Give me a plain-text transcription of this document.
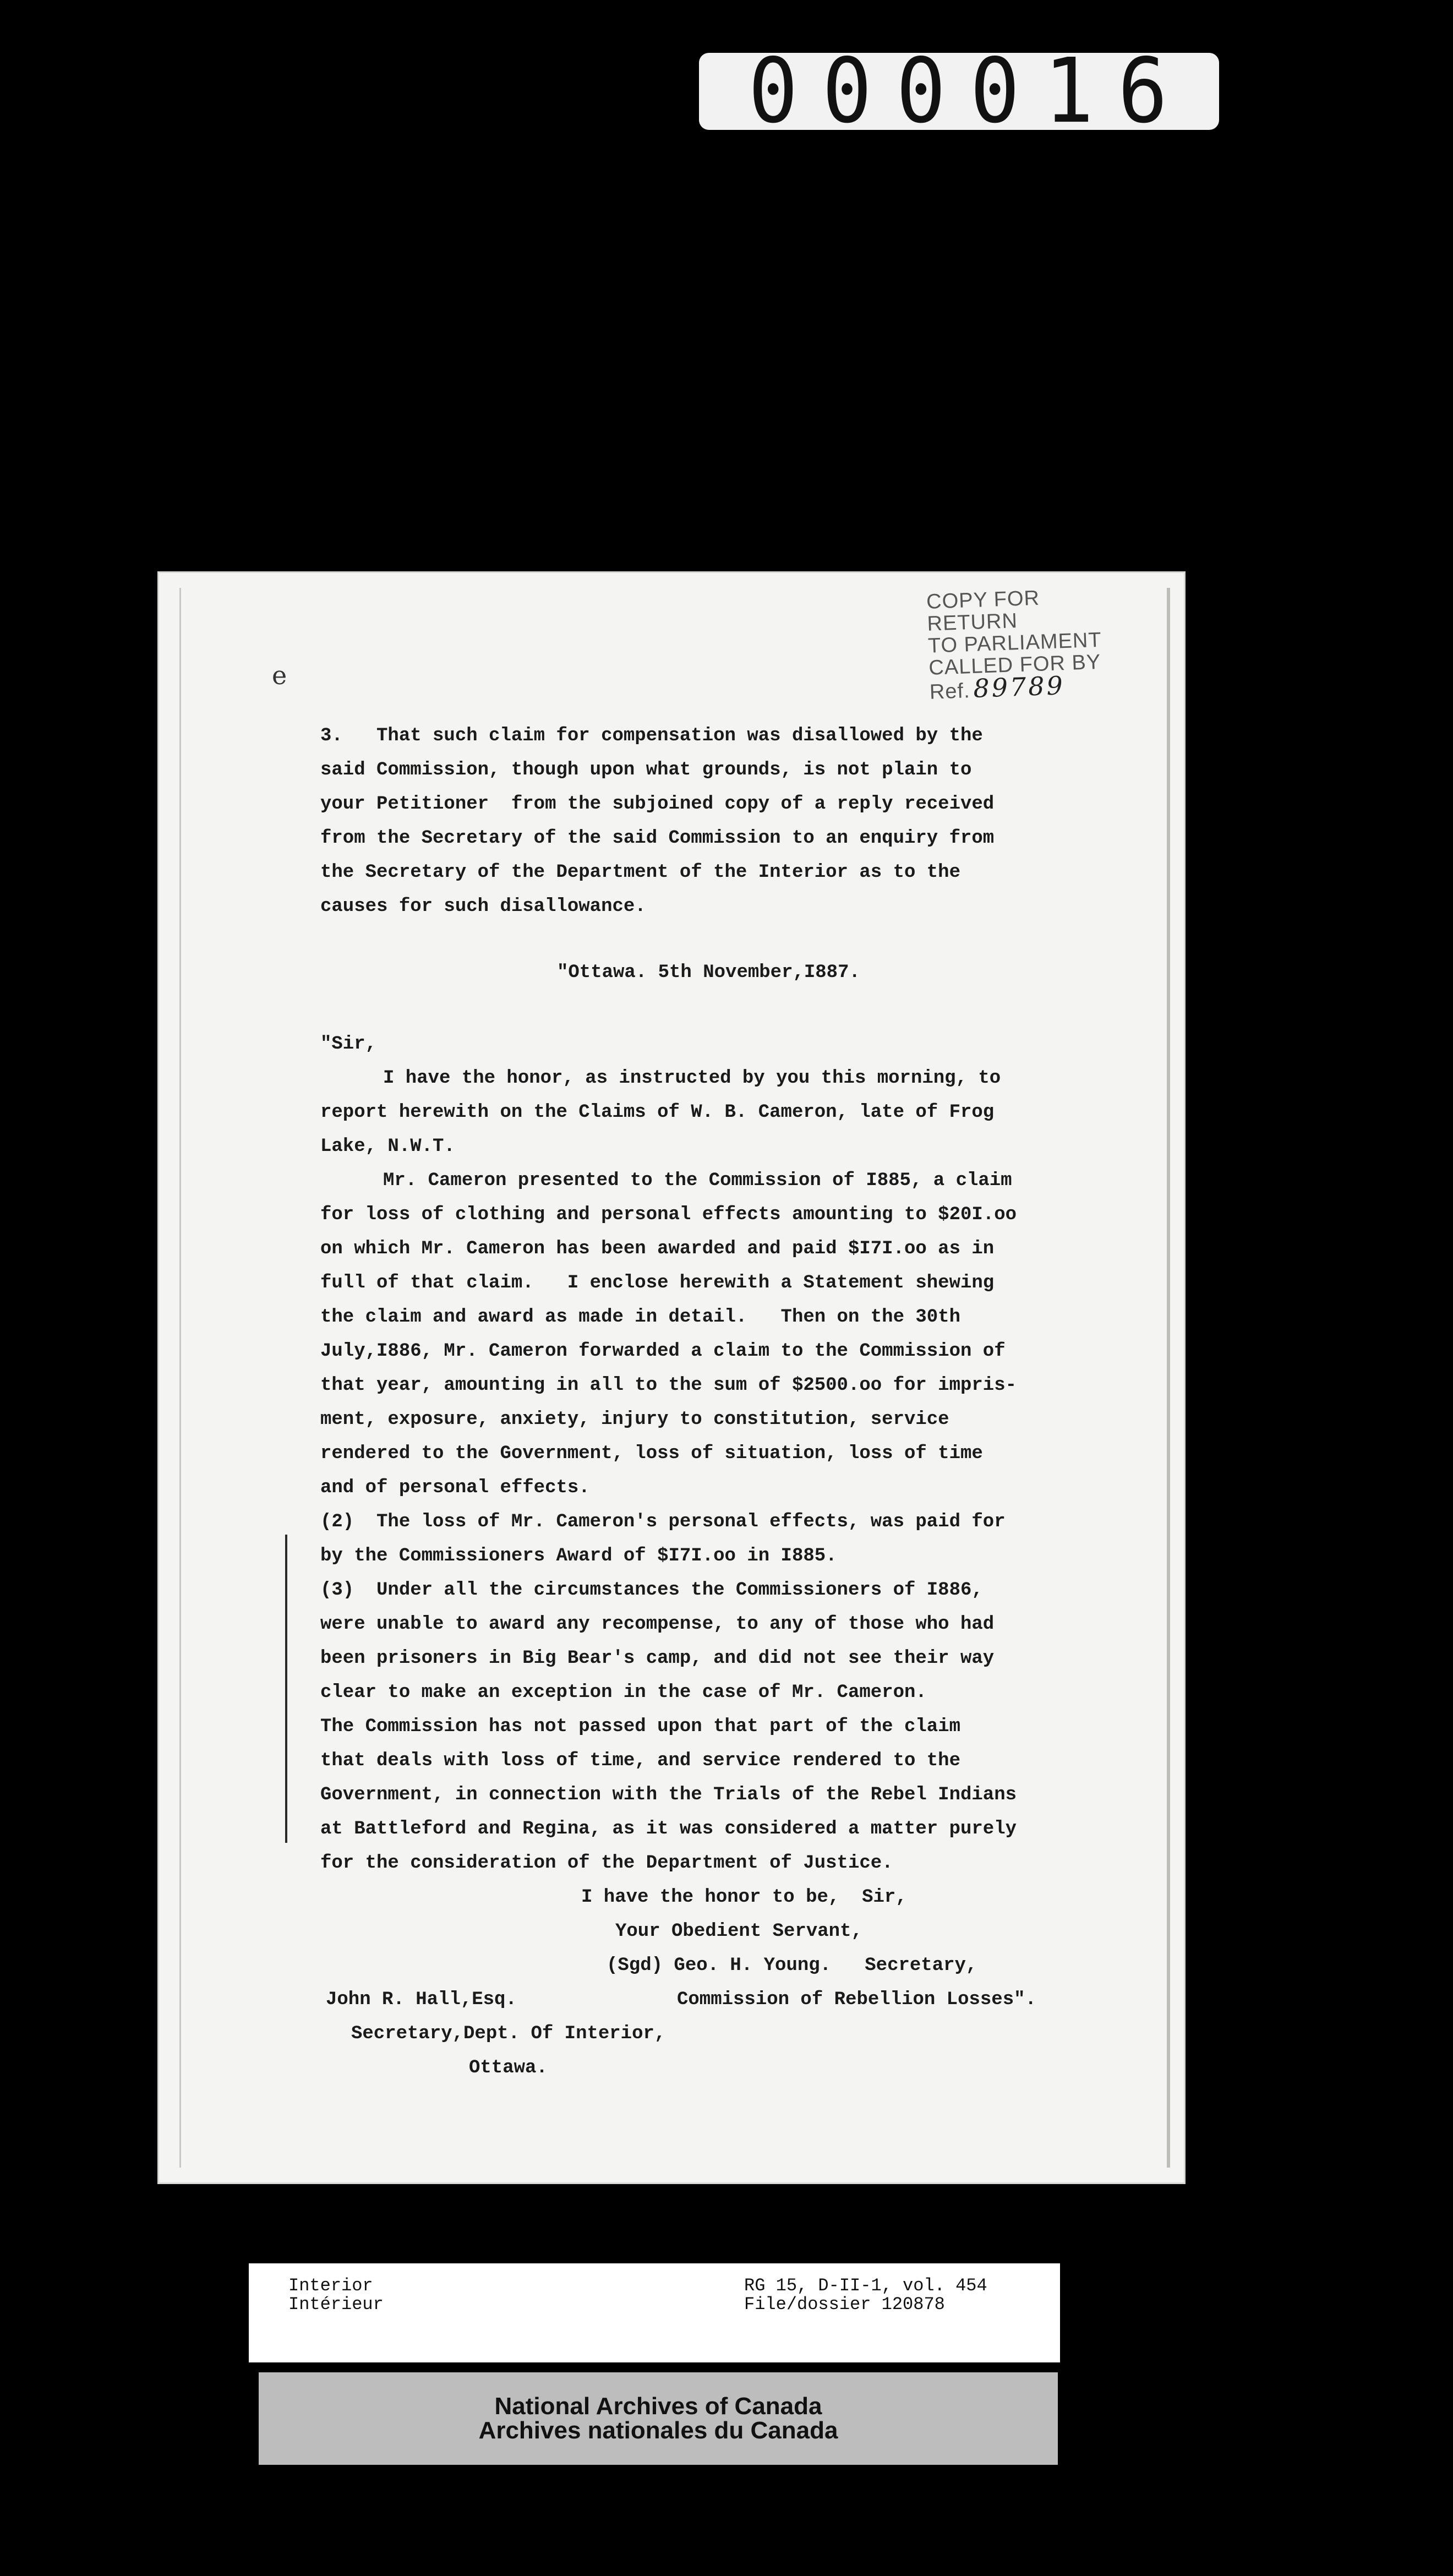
000016
COPY FOR RETURN
TO PARLIAMENT
CALLED FOR BY
Ref. 89789
e
3.   That such claim for compensation was disallowed by the
said Commission, though upon what grounds, is not plain to
your Petitioner  from the subjoined copy of a reply received
from the Secretary of the said Commission to an enquiry from
the Secretary of the Department of the Interior as to the
causes for such disallowance.
"Ottawa. 5th November,I887.
"Sir,
I have the honor, as instructed by you this morning, to
report herewith on the Claims of W. B. Cameron, late of Frog
Lake, N.W.T.
Mr. Cameron presented to the Commission of I885, a claim
for loss of clothing and personal effects amounting to $20I.oo
on which Mr. Cameron has been awarded and paid $I7I.oo as in
full of that claim.   I enclose herewith a Statement shewing
the claim and award as made in detail.   Then on the 30th
July,I886, Mr. Cameron forwarded a claim to the Commission of
that year, amounting in all to the sum of $2500.oo for impris-
ment, exposure, anxiety, injury to constitution, service
rendered to the Government, loss of situation, loss of time
and of personal effects.
(2)  The loss of Mr. Cameron's personal effects, was paid for
by the Commissioners Award of $I7I.oo in I885.
(3)  Under all the circumstances the Commissioners of I886,
were unable to award any recompense, to any of those who had
been prisoners in Big Bear's camp, and did not see their way
clear to make an exception in the case of Mr. Cameron.
The Commission has not passed upon that part of the claim
that deals with loss of time, and service rendered to the
Government, in connection with the Trials of the Rebel Indians
at Battleford and Regina, as it was considered a matter purely
for the consideration of the Department of Justice.
I have the honor to be,  Sir,
Your Obedient Servant,
(Sgd) Geo. H. Young.   Secretary,
John R. Hall,Esq.	Commission of Rebellion Losses".
Secretary,Dept. Of Interior,
Ottawa.
Interior
Intérieur
RG 15, D-II-1, vol. 454
File/dossier 120878
National Archives of Canada
Archives nationales du Canada
